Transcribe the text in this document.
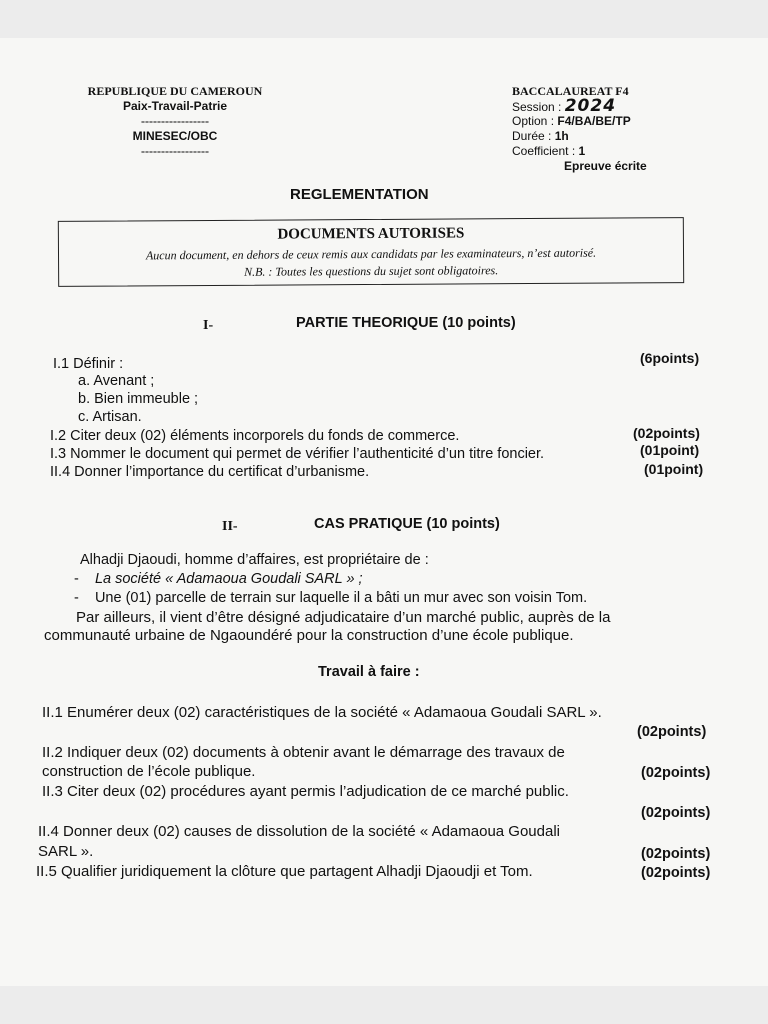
REPUBLIQUE DU CAMEROUN
Paix-Travail-Patrie
-----------------
MINESEC/OBC
-----------------
BACCALAUREAT F4
Session : 2024
Option : F4/BA/BE/TP
Durée : 1h
Coefficient : 1
Epreuve écrite
REGLEMENTATION
DOCUMENTS AUTORISES
Aucun document, en dehors de ceux remis aux candidats par les examinateurs, n’est autorisé.
N.B. : Toutes les questions du sujet sont obligatoires.
I-	PARTIE THEORIQUE (10 points)
I.1 Définir :	(6points)
a. Avenant ;
b. Bien immeuble ;
c. Artisan.
I.2 Citer deux (02) éléments incorporels du fonds de commerce.	(02points)
I.3 Nommer le document qui permet de vérifier l’authenticité d’un titre foncier.	(01point)
II.4 Donner l’importance du certificat d’urbanisme.	(01point)
II-	CAS PRATIQUE (10 points)
Alhadji Djaoudi, homme d’affaires, est propriétaire de :
-    La société « Adamaoua Goudali SARL » ;
-    Une (01) parcelle de terrain sur laquelle il a bâti un mur avec son voisin Tom.
Par ailleurs, il vient d’être désigné adjudicataire d’un marché public, auprès de la
communauté urbaine de Ngaoundéré pour la construction d’une école publique.
Travail à faire :
II.1 Enumérer deux (02) caractéristiques de la société « Adamaoua Goudali SARL ».
(02points)
II.2 Indiquer deux (02) documents à obtenir avant le démarrage des travaux de
construction de l’école publique.	(02points)
II.3 Citer deux (02) procédures ayant permis l’adjudication de ce marché public.
(02points)
II.4 Donner deux (02) causes de dissolution de la société « Adamaoua Goudali
SARL ».	(02points)
II.5 Qualifier juridiquement la clôture que partagent Alhadji Djaoudji et Tom.	(02points)
